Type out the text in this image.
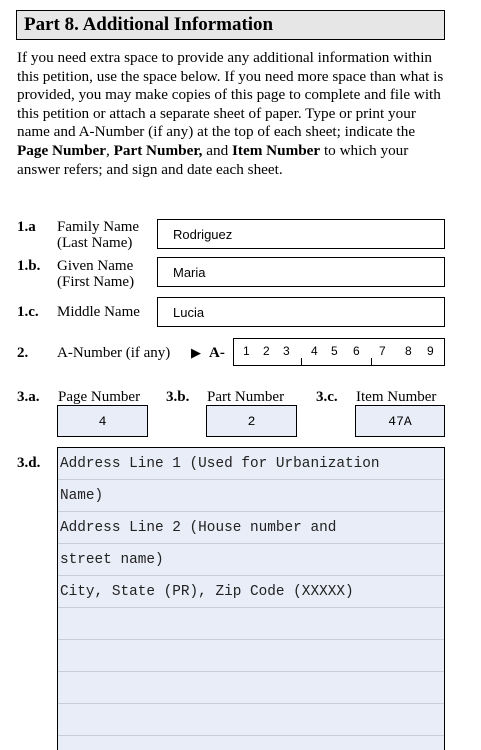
Part 8. Additional Information
If you need extra space to provide any additional information within this petition, use the space below. If you need more space than what is provided, you may make copies of this page to complete and file with this petition or attach a separate sheet of paper. Type or print your name and A-Number (if any) at the top of each sheet; indicate the Page Number, Part Number, and Item Number to which your answer refers; and sign and date each sheet.
1.a Family Name
(Last Name)
Rodriguez
1.b. Given Name
(First Name)
Maria
1.c. Middle Name	Lucia
2. A-Number (if any) ▶ A- 1 2 3 4 5 6 7 8 9
3.a. Page Number
4
3.b. Part Number
2
3.c. Item Number
47A
3.d. Address Line 1 (Used for Urbanization
Name)
Address Line 2 (House number and
street name)
City, State (PR), Zip Code (XXXXX)
